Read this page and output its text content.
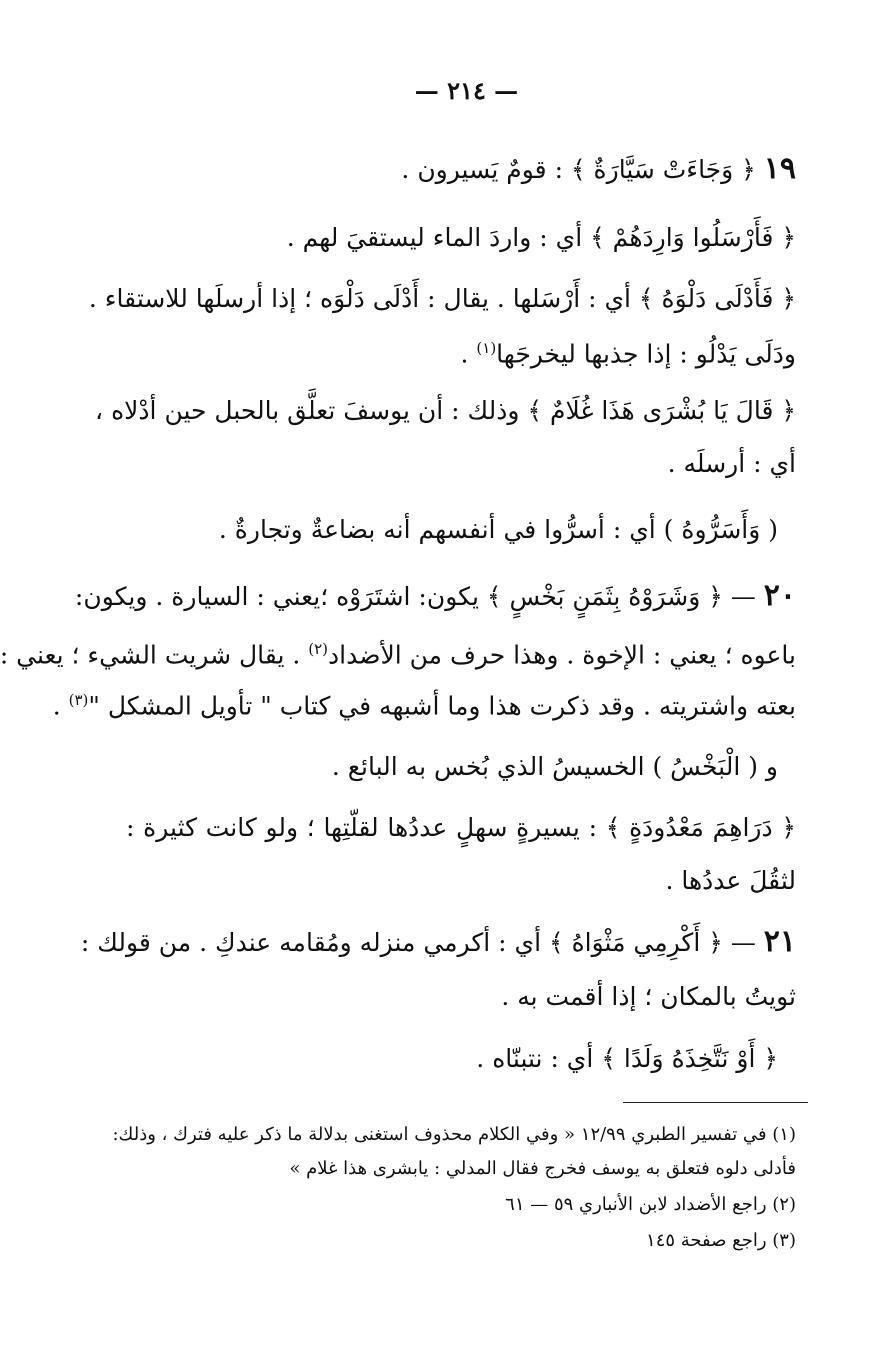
— ٢١٤ —
١٩ ﴿ وَجَاءَتْ سَيَّارَةٌ ﴾ : قومٌ يَسيرون .
﴿ فَأَرْسَلُوا وَارِدَهُمْ ﴾ أي : واردَ الماء ليستقيَ لهم .
﴿ فَأَدْلَى دَلْوَهُ ﴾ أي : أَرْسَلها . يقال : أَدْلَى دَلْوَه ؛ إذا أرسلَها للاستقاء .
ودَلَى يَدْلُو : إذا جذبها ليخرجَها$^{(١)}$ .
﴿ قَالَ يَا بُشْرَى هَذَا غُلَامٌ ﴾ وذلك : أن يوسفَ تعلَّق بالحبل حين أدْلاه ،
أي : أرسلَه .
( وَأَسَرُّوهُ ) أي : أسرُّوا في أنفسهم أنه بضاعةٌ وتجارةٌ .
٢٠ — ﴿ وَشَرَوْهُ بِثَمَنٍ بَخْسٍ ﴾ يكون: اشتَرَوْه ؛يعني : السيارة . ويكون:
باعوه ؛ يعني : الإخوة . وهذا حرف من الأضداد$^{(٢)}$ . يقال شريت الشيء ؛ يعني :
بعته واشتريته . وقد ذكرت هذا وما أشبهه في كتاب " تأويل المشكل "$^{(٣)}$ .
و ( الْبَخْسُ ) الخسيسُ الذي بُخس به البائع .
﴿ دَرَاهِمَ مَعْدُودَةٍ ﴾ : يسيرةٍ سهلٍ عددُها لقلّتِها ؛ ولو كانت كثيرة :
لثقُلَ عددُها .
٢١ — ﴿ أَكْرِمِي مَثْوَاهُ ﴾ أي : أكرمي منزله ومُقامه عندكِ . من قولك :
ثويتُ بالمكان ؛ إذا أقمت به .
﴿ أَوْ نَتَّخِذَهُ وَلَدًا ﴾ أي : نتبنّاه .
(١) في تفسير الطبري ١٢/٩٩ « وفي الكلام محذوف استغنى بدلالة ما ذكر عليه فترك ، وذلك:
فأدلى دلوه فتعلق به يوسف فخرج فقال المدلي : يابشرى هذا غلام »
(٢) راجع الأضداد لابن الأنباري ٥٩ — ٦١
(٣) راجع صفحة ١٤٥
